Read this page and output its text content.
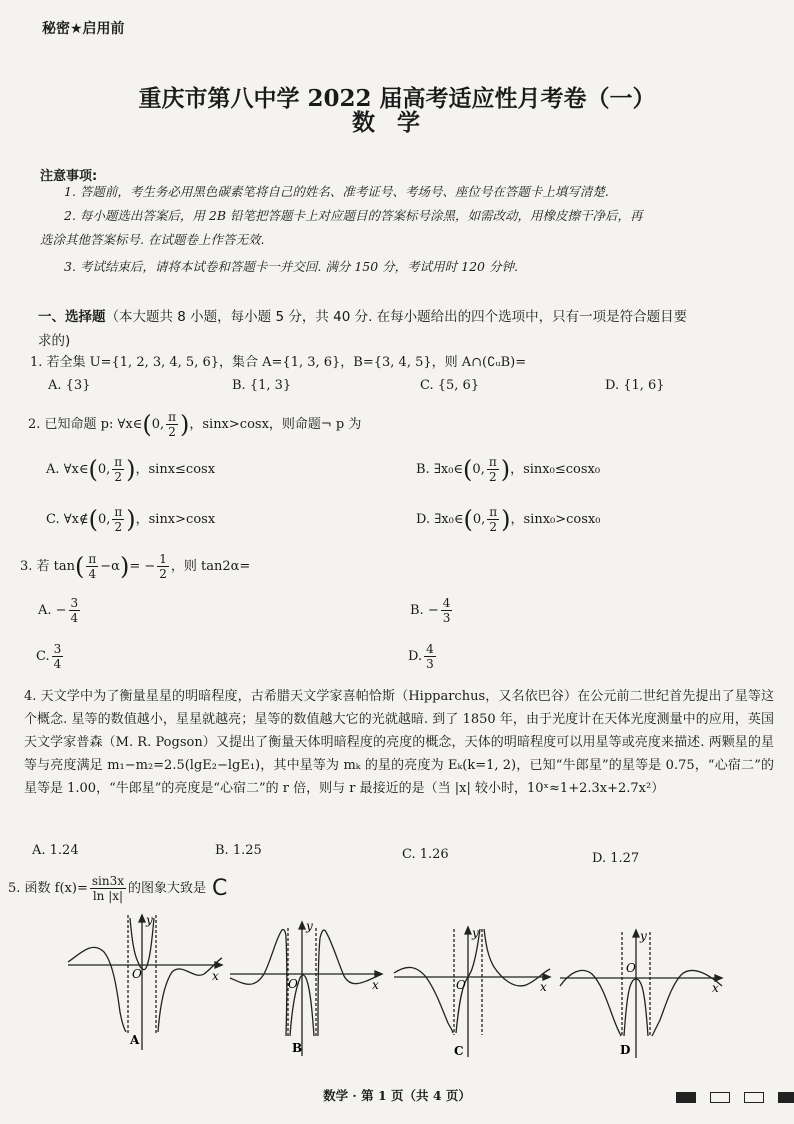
秘密★启用前
重庆市第八中学 2022 届高考适应性月考卷（一）
数学
注意事项:
1. 答题前，考生务必用黑色碳素笔将自己的姓名、准考证号、考场号、座位号在答题卡上填写清楚.
2. 每小题选出答案后，用 2B 铅笔把答题卡上对应题目的答案标号涂黑，如需改动，用橡皮擦干净后，再
选涂其他答案标号. 在试题卷上作答无效.
3. 考试结束后，请将本试卷和答题卡一并交回. 满分 150 分，考试用时 120 分钟.
一、选择题（本大题共 8 小题，每小题 5 分，共 40 分. 在每小题给出的四个选项中，只有一项是符合题目要
求的)
1. 若全集 U={1, 2, 3, 4, 5, 6}，集合 A={1, 3, 6}，B={3, 4, 5}，则 A∩(∁ᵤB)=
A. {3}	B. {1, 3}	C. {5, 6}	D. {1, 6}
2. 已知命题 p: ∀x∈(0, $\frac{\pi}{2}$ )，sinx>cosx，则命题¬ p 为
A. ∀x∈(0, $\frac{\pi}{2}$ )，sinx≤cosx	B. ∃x₀∈(0, $\frac{\pi}{2}$ )，sinx₀≤cosx₀
C. ∀x∉(0, $\frac{\pi}{2}$ )，sinx>cosx	D. ∃x₀∈(0, $\frac{\pi}{2}$ )，sinx₀>cosx₀
3. 若 $\tan( \frac{\pi}{4} -\alpha)= - \frac{1}{2}$ ，则 tan2α=
A. − $\frac{3}{4}$	B. − $\frac{4}{3}$
C. $\frac{3}{4}$	D. $\frac{4}{3}$
4. 天文学中为了衡量星星的明暗程度，古希腊天文学家喜帕恰斯（Hipparchus，又名依巴谷）在公元前二世纪首先提出了星等这个概念. 星等的数值越小，星星就越亮；星等的数值越大它的光就越暗. 到了 1850 年，由于光度计在天体光度测量中的应用，英国天文学家普森（M. R. Pogson）又提出了衡量天体明暗程度的亮度的概念，天体的明暗程度可以用星等或亮度来描述. 两颗星的星等与亮度满足 m₁−m₂=2.5(lgE₂−lgE₁)，其中星等为 mₖ 的星的亮度为 Eₖ(k=1, 2)，已知“牛郎星”的星等是 0.75，“心宿二”的星等是 1.00，“牛郎星”的亮度是“心宿二”的 r 倍，则与 r 最接近的是（当 |x| 较小时，10ˣ≈1+2.3x+2.7x²）
A. 1.24	B. 1.25	C. 1.26	D. 1.27
5. 函数 $f(x)= \frac{\sin 3x}{\ln |x|}$ 的图象大致是 C
O
y
x
A
O
y
x
B
O
y
x
C
O
y
x
D
数学 · 第 1 页（共 4 页）
